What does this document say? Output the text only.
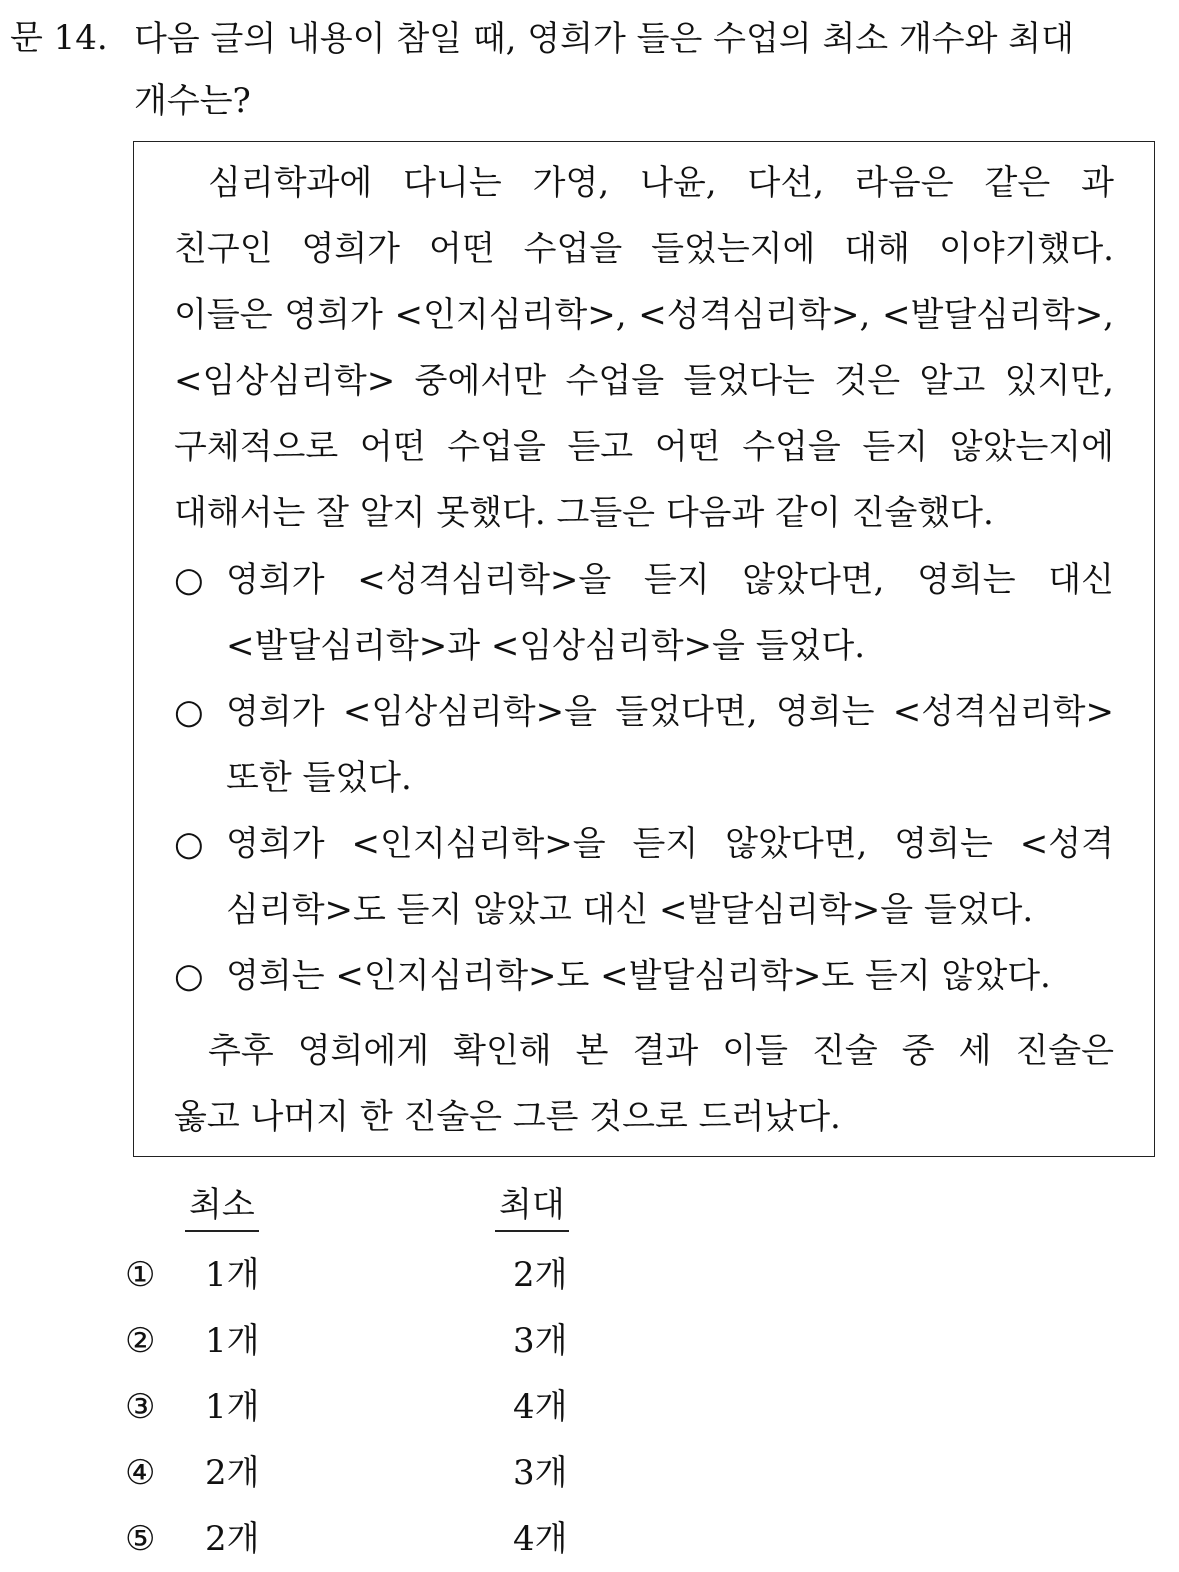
문 14. 다음 글의 내용이 참일 때, 영희가 들은 수업의 최소 개수와 최대
개수는?
심리학과에 다니는 가영, 나윤, 다선, 라음은 같은 과
친구인 영희가 어떤 수업을 들었는지에 대해 이야기했다.
이들은 영희가 <인지심리학>, <성격심리학>, <발달심리학>,
<임상심리학> 중에서만 수업을 들었다는 것은 알고 있지만,
구체적으로 어떤 수업을 듣고 어떤 수업을 듣지 않았는지에
대해서는 잘 알지 못했다. 그들은 다음과 같이 진술했다.
○ 영희가 <성격심리학>을 듣지 않았다면, 영희는 대신
<발달심리학>과 <임상심리학>을 들었다.
○ 영희가 <임상심리학>을 들었다면, 영희는 <성격심리학>
또한 들었다.
○ 영희가 <인지심리학>을 듣지 않았다면, 영희는 <성격
심리학>도 듣지 않았고 대신 <발달심리학>을 들었다.
○ 영희는 <인지심리학>도 <발달심리학>도 듣지 않았다.
추후 영희에게 확인해 본 결과 이들 진술 중 세 진술은
옳고 나머지 한 진술은 그른 것으로 드러났다.
최소	최대
①	1개	2개
②	1개	3개
③	1개	4개
④	2개	3개
⑤	2개	4개
